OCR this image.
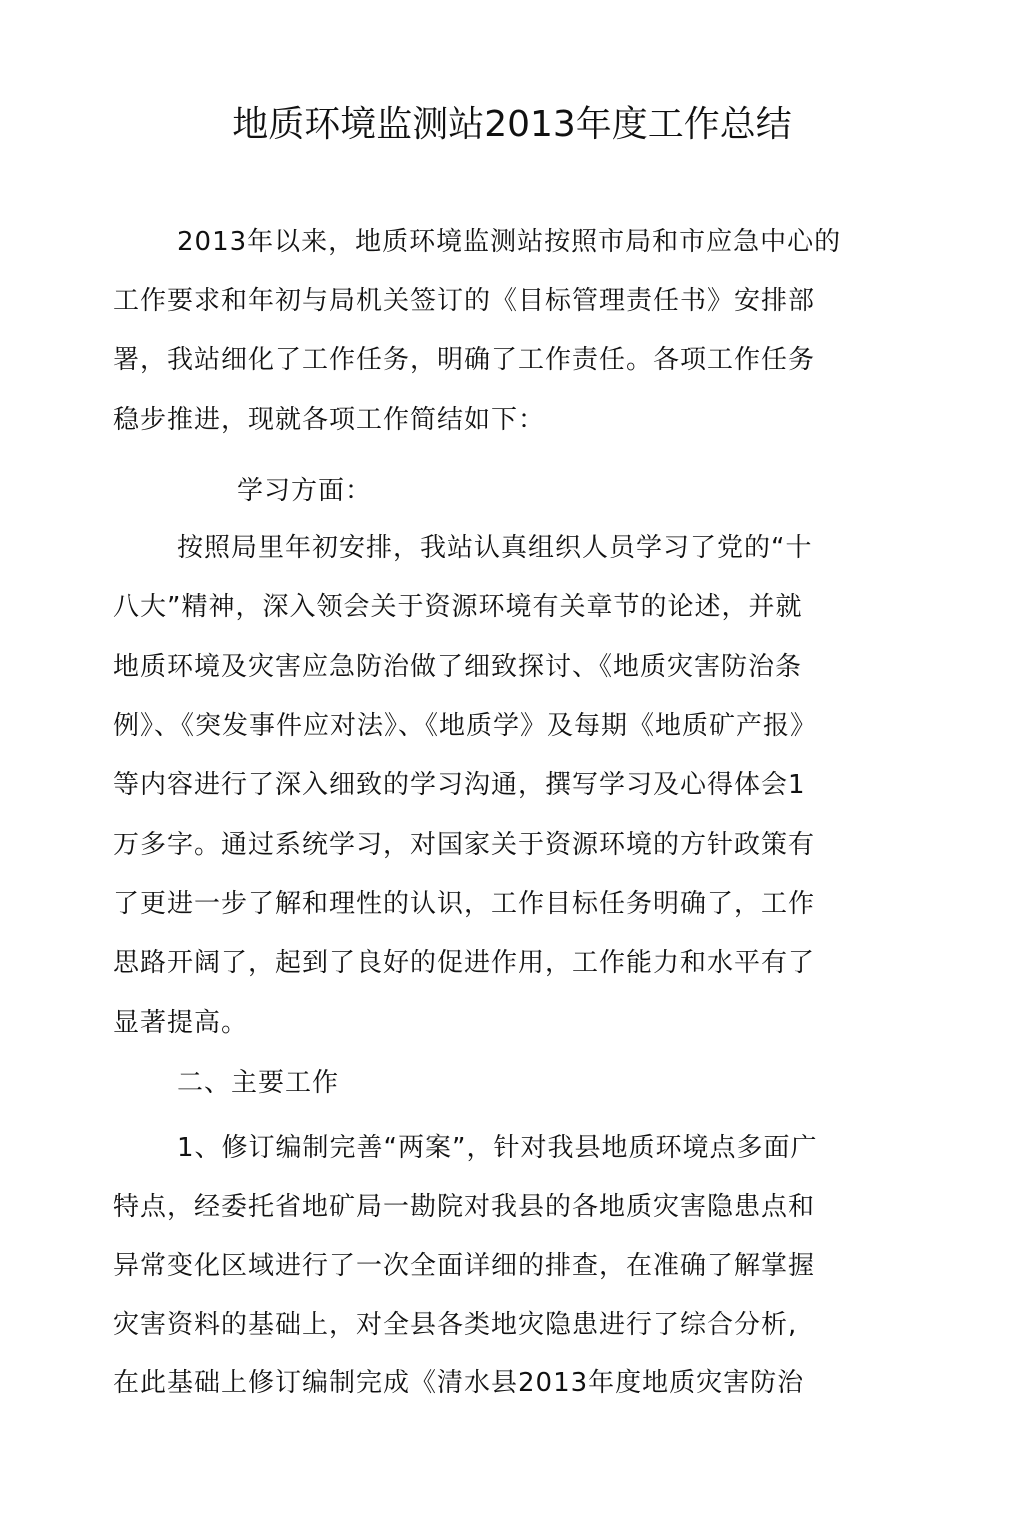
地质环境监测站2013年度工作总结

2013年以来，地质环境监测站按照市局和市应急中心的

工作要求和年初与局机关签订的《目标管理责任书》安排部

署，我站细化了工作任务，明确了工作责任。各项工作任务

稳步推进，现就各项工作简结如下：

学习方面：

按照局里年初安排，我站认真组织人员学习了党的“十

八大”精神，深入领会关于资源环境有关章节的论述，并就

地质环境及灾害应急防治做了细致探讨、《地质灾害防治条

例》、《突发事件应对法》、《地质学》及每期《地质矿产报》

等内容进行了深入细致的学习沟通，撰写学习及心得体会1

万多字。通过系统学习，对国家关于资源环境的方针政策有

了更进一步了解和理性的认识，工作目标任务明确了，工作

思路开阔了，起到了良好的促进作用，工作能力和水平有了

显著提高。

二、主要工作

1、修订编制完善“两案”，针对我县地质环境点多面广

特点，经委托省地矿局一勘院对我县的各地质灾害隐患点和

异常变化区域进行了一次全面详细的排查，在准确了解掌握

灾害资料的基础上，对全县各类地灾隐患进行了综合分析,

在此基础上修订编制完成《清水县2013年度地质灾害防治
